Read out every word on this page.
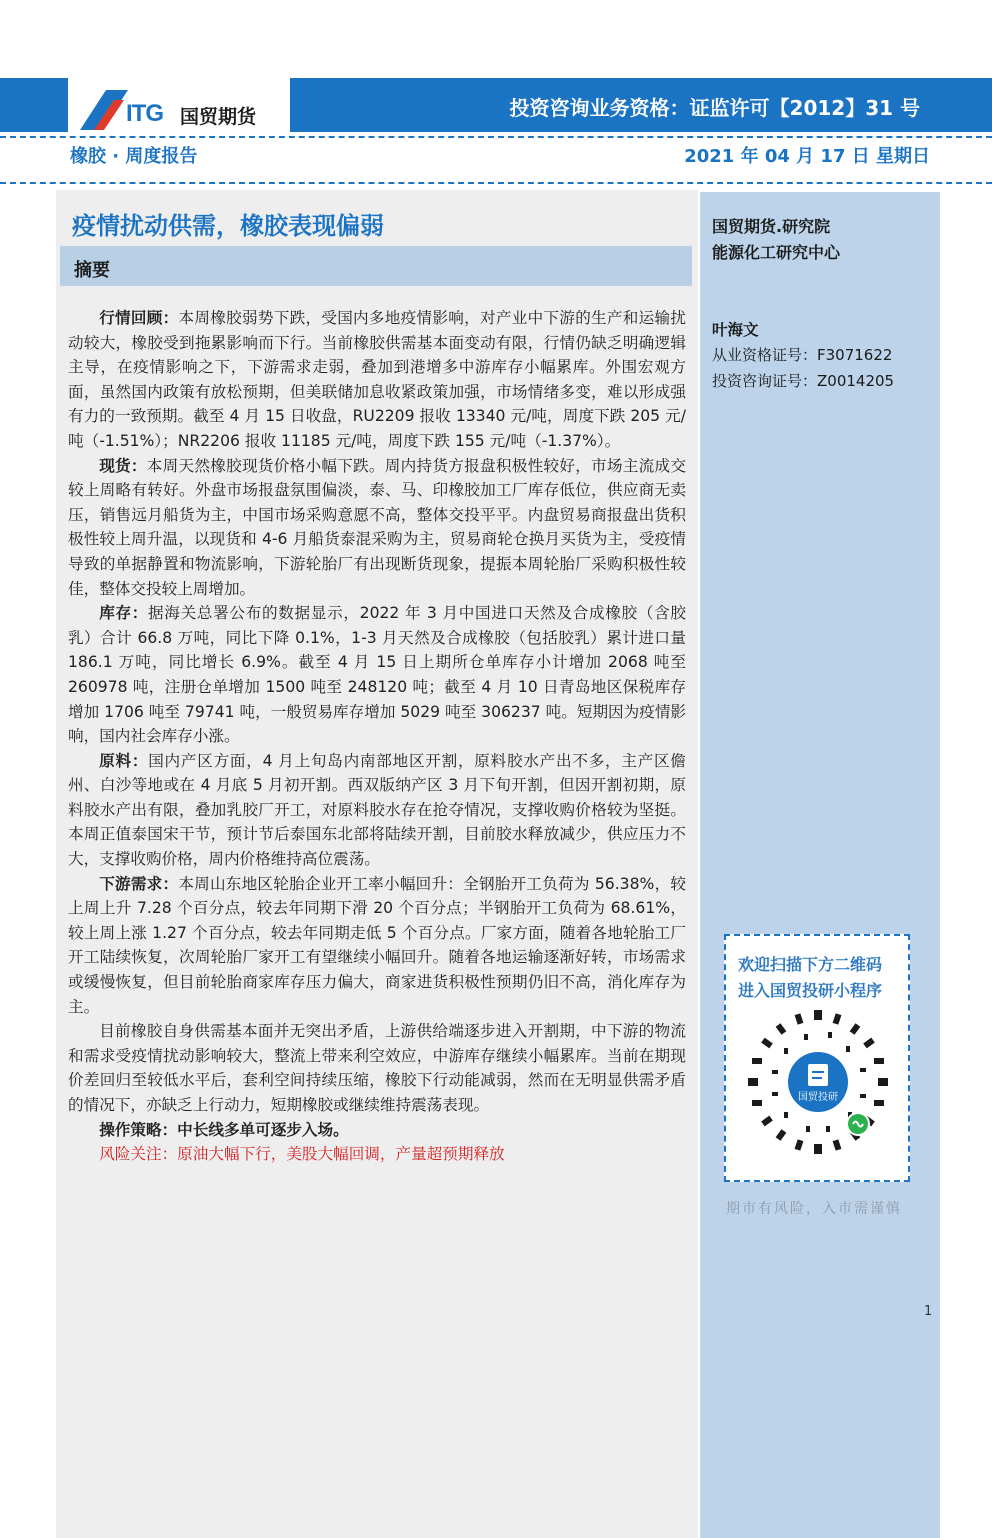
ITG 国贸期货	投资咨询业务资格：证监许可【2012】31 号
橡胶 · 周度报告	2021 年 04 月 17 日 星期日
疫情扰动供需，橡胶表现偏弱
摘要

行情回顾：本周橡胶弱势下跌，受国内多地疫情影响，对产业中下游的生产和运输扰动较大，橡胶受到拖累影响而下行。当前橡胶供需基本面变动有限，行情仍缺乏明确逻辑主导，在疫情影响之下，下游需求走弱，叠加到港增多中游库存小幅累库。外围宏观方面，虽然国内政策有放松预期，但美联储加息收紧政策加强，市场情绪多变，难以形成强有力的一致预期。截至 4 月 15 日收盘，RU2209 报收 13340 元/吨，周度下跌 205 元/吨（-1.51%）；NR2206 报收 11185 元/吨，周度下跌 155 元/吨（-1.37%）。

现货：本周天然橡胶现货价格小幅下跌。周内持货方报盘积极性较好，市场主流成交较上周略有转好。外盘市场报盘氛围偏淡，泰、马、印橡胶加工厂库存低位，供应商无卖压，销售远月船货为主，中国市场采购意愿不高，整体交投平平。内盘贸易商报盘出货积极性较上周升温，以现货和 4-6 月船货泰混采购为主，贸易商轮仓换月买货为主，受疫情导致的单据静置和物流影响，下游轮胎厂有出现断货现象，提振本周轮胎厂采购积极性较佳，整体交投较上周增加。

库存：据海关总署公布的数据显示，2022 年 3 月中国进口天然及合成橡胶（含胶乳）合计 66.8 万吨，同比下降 0.1%，1-3 月天然及合成橡胶（包括胶乳）累计进口量 186.1 万吨，同比增长 6.9%。截至 4 月 15 日上期所仓单库存小计增加 2068 吨至 260978 吨，注册仓单增加 1500 吨至 248120 吨；截至 4 月 10 日青岛地区保税库存增加 1706 吨至 79741 吨，一般贸易库存增加 5029 吨至 306237 吨。短期因为疫情影响，国内社会库存小涨。

原料：国内产区方面，4 月上旬岛内南部地区开割，原料胶水产出不多，主产区儋州、白沙等地或在 4 月底 5 月初开割。西双版纳产区 3 月下旬开割，但因开割初期，原料胶水产出有限，叠加乳胶厂开工，对原料胶水存在抢夺情况，支撑收购价格较为坚挺。本周正值泰国宋干节，预计节后泰国东北部将陆续开割，目前胶水释放减少，供应压力不大，支撑收购价格，周内价格维持高位震荡。

下游需求：本周山东地区轮胎企业开工率小幅回升：全钢胎开工负荷为 56.38%，较上周上升 7.28 个百分点，较去年同期下滑 20 个百分点；半钢胎开工负荷为 68.61%，较上周上涨 1.27 个百分点，较去年同期走低 5 个百分点。厂家方面，随着各地轮胎工厂开工陆续恢复，次周轮胎厂家开工有望继续小幅回升。随着各地运输逐渐好转，市场需求或缓慢恢复，但目前轮胎商家库存压力偏大，商家进货积极性预期仍旧不高，消化库存为主。

目前橡胶自身供需基本面并无突出矛盾，上游供给端逐步进入开割期，中下游的物流和需求受疫情扰动影响较大，整流上带来利空效应，中游库存继续小幅累库。当前在期现价差回归至较低水平后，套利空间持续压缩，橡胶下行动能减弱，然而在无明显供需矛盾的情况下，亦缺乏上行动力，短期橡胶或继续维持震荡表现。

操作策略：中长线多单可逐步入场。

风险关注：原油大幅下行，美股大幅回调，产量超预期释放

国贸期货.研究院
能源化工研究中心
叶海文
从业资格证号：F3071622
投资咨询证号：Z0014205
欢迎扫描下方二维码
进入国贸投研小程序
国贸投研
期市有风险，入市需谨慎
1
